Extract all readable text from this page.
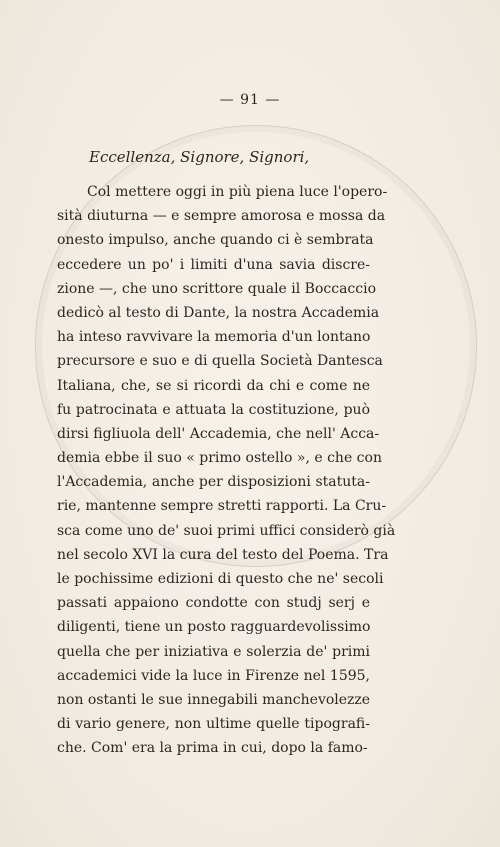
— 91 —
Eccellenza, Signore, Signori,
Col mettere oggi in più piena luce l'opero-
sità diuturna — e sempre amorosa e mossa da
onesto impulso, anche quando ci è sembrata
eccedere un po' i limiti d'una savia discre-
zione —, che uno scrittore quale il Boccaccio
dedicò al testo di Dante, la nostra Accademia
ha inteso ravvivare la memoria d'un lontano
precursore e suo e di quella Società Dantesca
Italiana, che, se si ricordi da chi e come ne
fu patrocinata e attuata la costituzione, può
dirsi figliuola dell' Accademia, che nell' Acca-
demia ebbe il suo « primo ostello », e che con
l'Accademia, anche per disposizioni statuta-
rie, mantenne sempre stretti rapporti. La Cru-
sca come uno de' suoi primi uffici considerò già
nel secolo XVI la cura del testo del Poema. Tra
le pochissime edizioni di questo che ne' secoli
passati appaiono condotte con studj serj e
diligenti, tiene un posto ragguardevolissimo
quella che per iniziativa e solerzia de' primi
accademici vide la luce in Firenze nel 1595,
non ostanti le sue innegabili manchevolezze
di vario genere, non ultime quelle tipografi-
che. Com' era la prima in cui, dopo la famo-
